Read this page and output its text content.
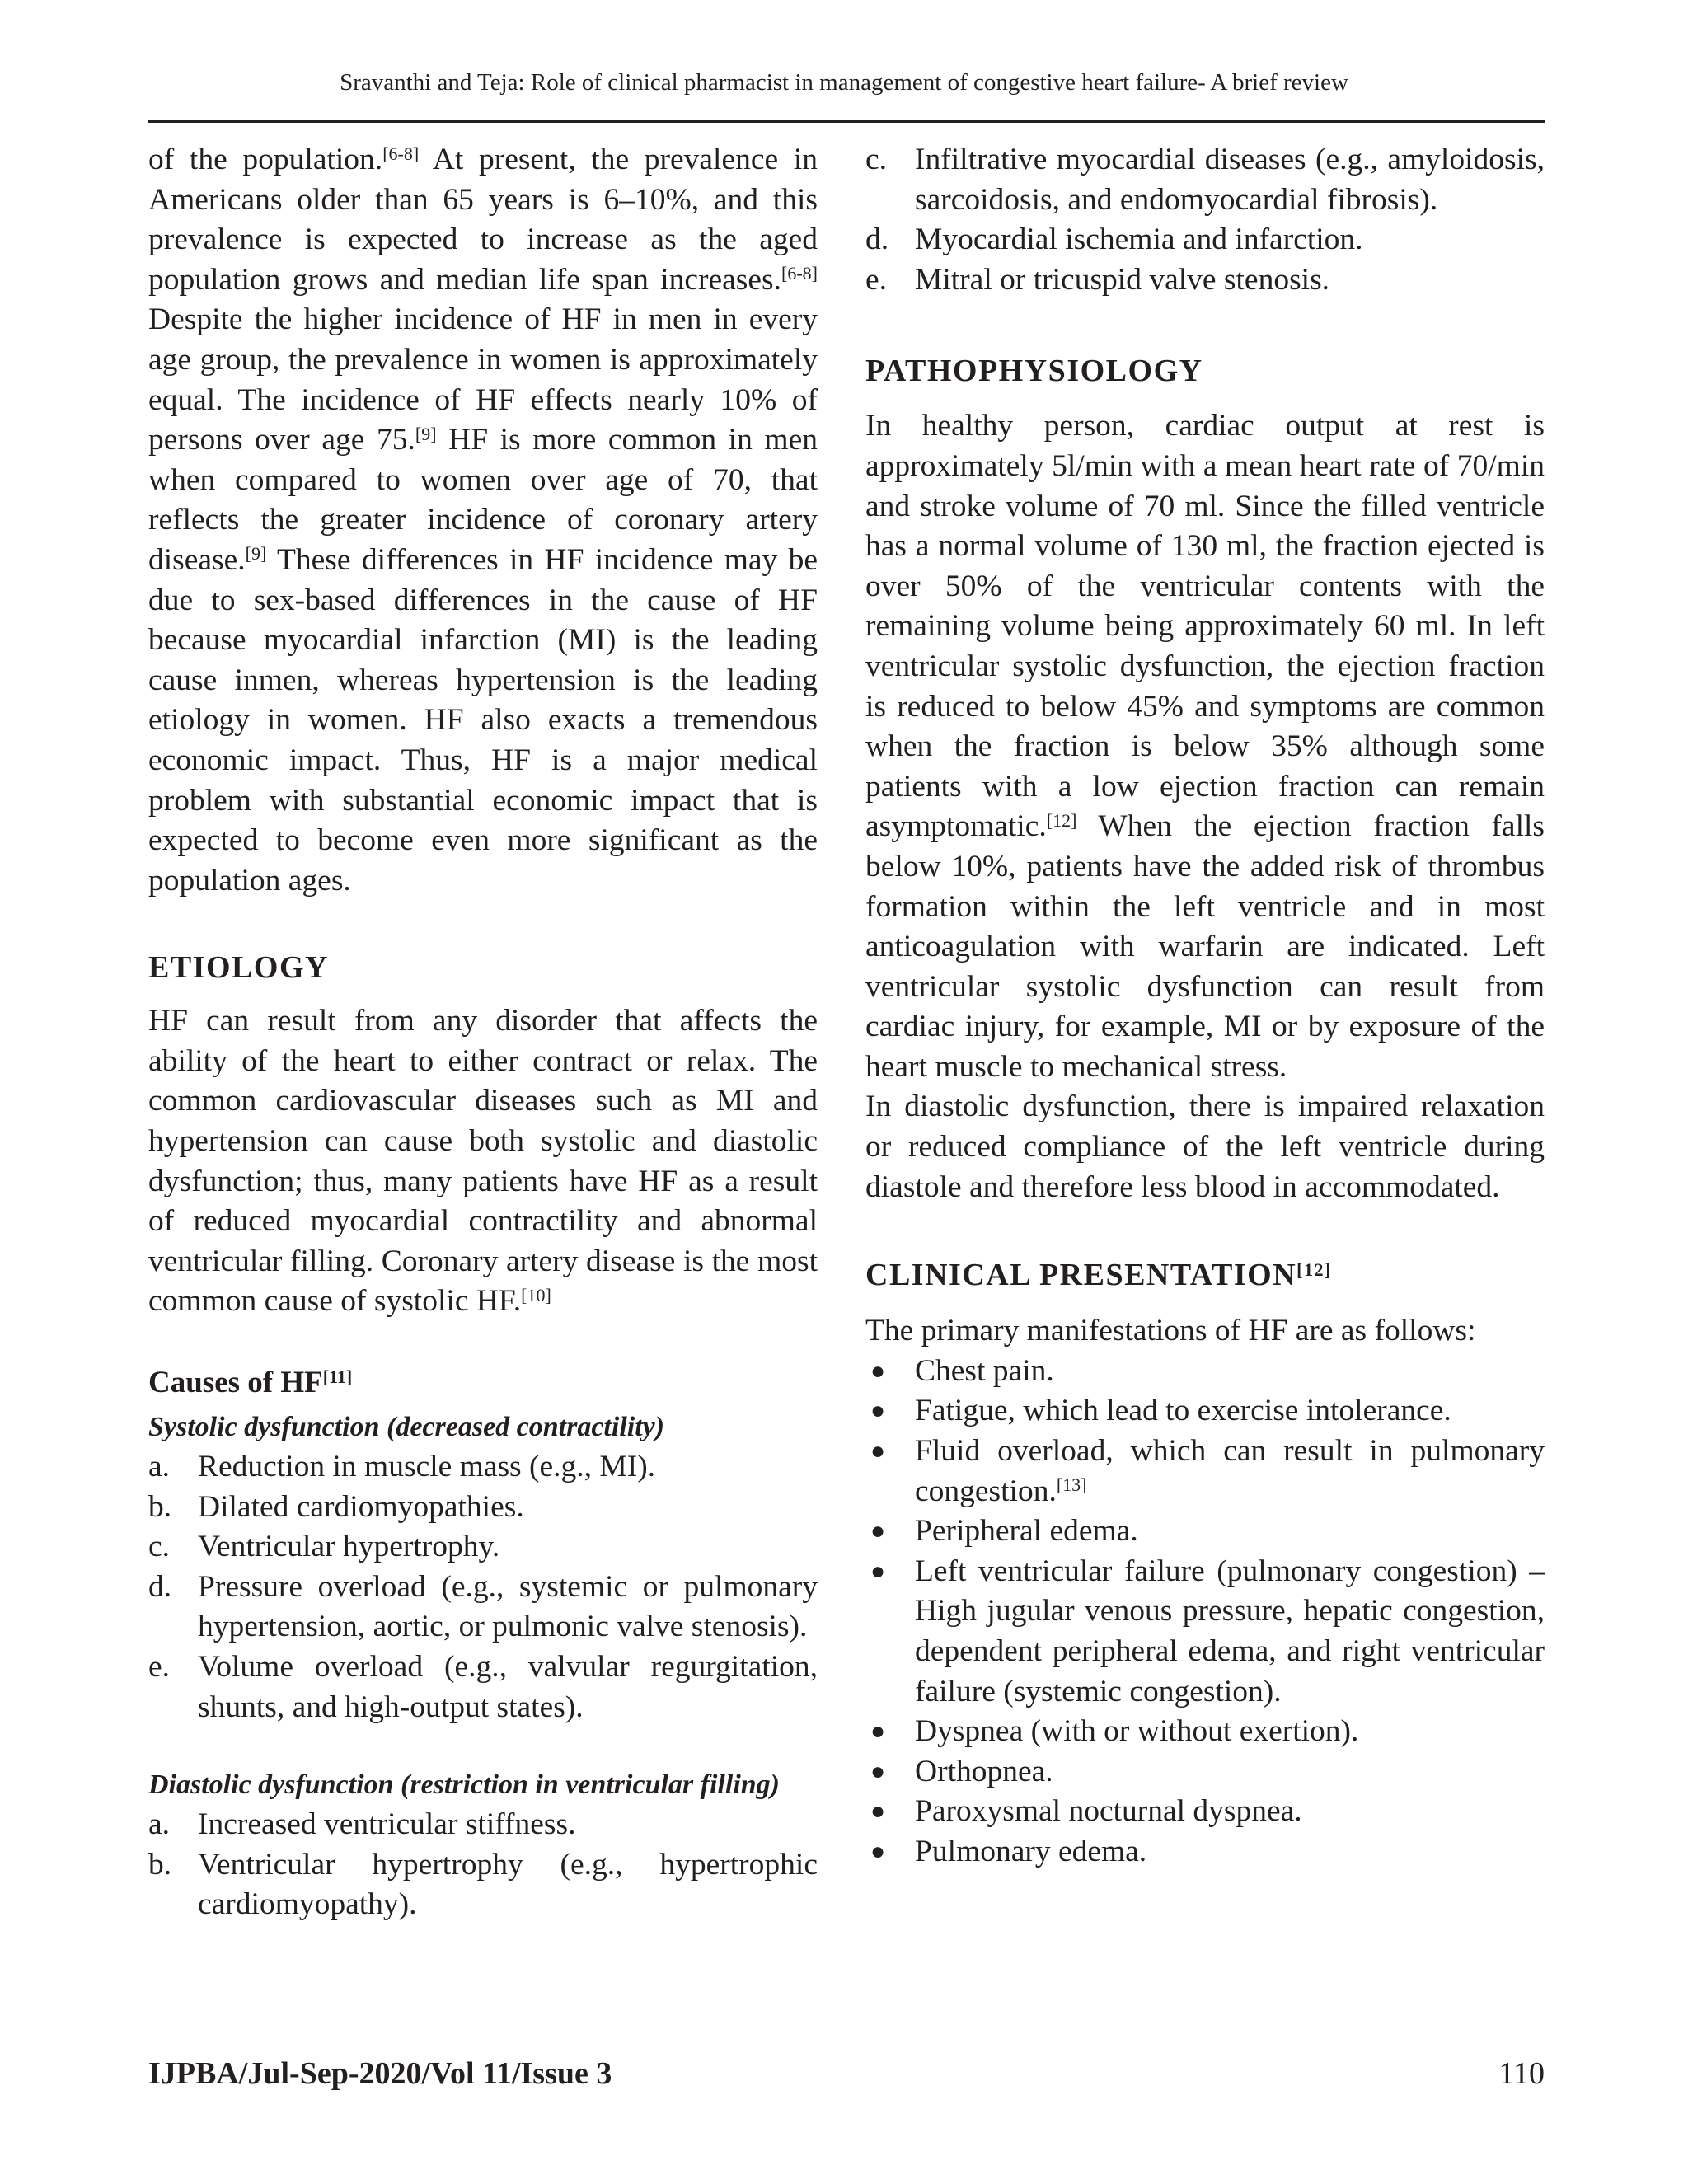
Sravanthi and Teja: Role of clinical pharmacist in management of congestive heart failure- A brief review

of the population.[6-8] At present, the prevalence in Americans older than 65 years is 6–10%, and this prevalence is expected to increase as the aged population grows and median life span increases.[6-8] Despite the higher incidence of HF in men in every age group, the prevalence in women is approximately equal. The incidence of HF effects nearly 10% of persons over age 75.[9] HF is more common in men when compared to women over age of 70, that reflects the greater incidence of coronary artery disease.[9] These differences in HF incidence may be due to sex-based differences in the cause of HF because myocardial infarction (MI) is the leading cause inmen, whereas hypertension is the leading etiology in women. HF also exacts a tremendous economic impact. Thus, HF is a major medical problem with substantial economic impact that is expected to become even more significant as the population ages.

ETIOLOGY

HF can result from any disorder that affects the ability of the heart to either contract or relax. The common cardiovascular diseases such as MI and hypertension can cause both systolic and diastolic dysfunction; thus, many patients have HF as a result of reduced myocardial contractility and abnormal ventricular filling. Coronary artery disease is the most common cause of systolic HF.[10]

Causes of HF[11]
Systolic dysfunction (decreased contractility)
a. Reduction in muscle mass (e.g., MI).
b. Dilated cardiomyopathies.
c. Ventricular hypertrophy.
d. Pressure overload (e.g., systemic or pulmonary hypertension, aortic, or pulmonic valve stenosis).
e. Volume overload (e.g., valvular regurgitation, shunts, and high-output states).
Diastolic dysfunction (restriction in ventricular filling)
a. Increased ventricular stiffness.
b. Ventricular hypertrophy (e.g., hypertrophic cardiomyopathy).
c. Infiltrative myocardial diseases (e.g., amyloidosis, sarcoidosis, and endomyocardial fibrosis).
d. Myocardial ischemia and infarction.
e. Mitral or tricuspid valve stenosis.
PATHOPHYSIOLOGY

In healthy person, cardiac output at rest is approximately 5l/min with a mean heart rate of 70/min and stroke volume of 70 ml. Since the filled ventricle has a normal volume of 130 ml, the fraction ejected is over 50% of the ventricular contents with the remaining volume being approximately 60 ml. In left ventricular systolic dysfunction, the ejection fraction is reduced to below 45% and symptoms are common when the fraction is below 35% although some patients with a low ejection fraction can remain asymptomatic.[12] When the ejection fraction falls below 10%, patients have the added risk of thrombus formation within the left ventricle and in most anticoagulation with warfarin are indicated. Left ventricular systolic dysfunction can result from cardiac injury, for example, MI or by exposure of the heart muscle to mechanical stress.

In diastolic dysfunction, there is impaired relaxation or reduced compliance of the left ventricle during diastole and therefore less blood in accommodated.

CLINICAL PRESENTATION[12]

The primary manifestations of HF are as follows:

● Chest pain.
● Fatigue, which lead to exercise intolerance.
● Fluid overload, which can result in pulmonary congestion.[13]
● Peripheral edema.
● Left ventricular failure (pulmonary congestion) – High jugular venous pressure, hepatic congestion, dependent peripheral edema, and right ventricular failure (systemic congestion).
● Dyspnea (with or without exertion).
● Orthopnea.
● Paroxysmal nocturnal dyspnea.
● Pulmonary edema.
IJPBA/Jul-Sep-2020/Vol 11/Issue 3	110
